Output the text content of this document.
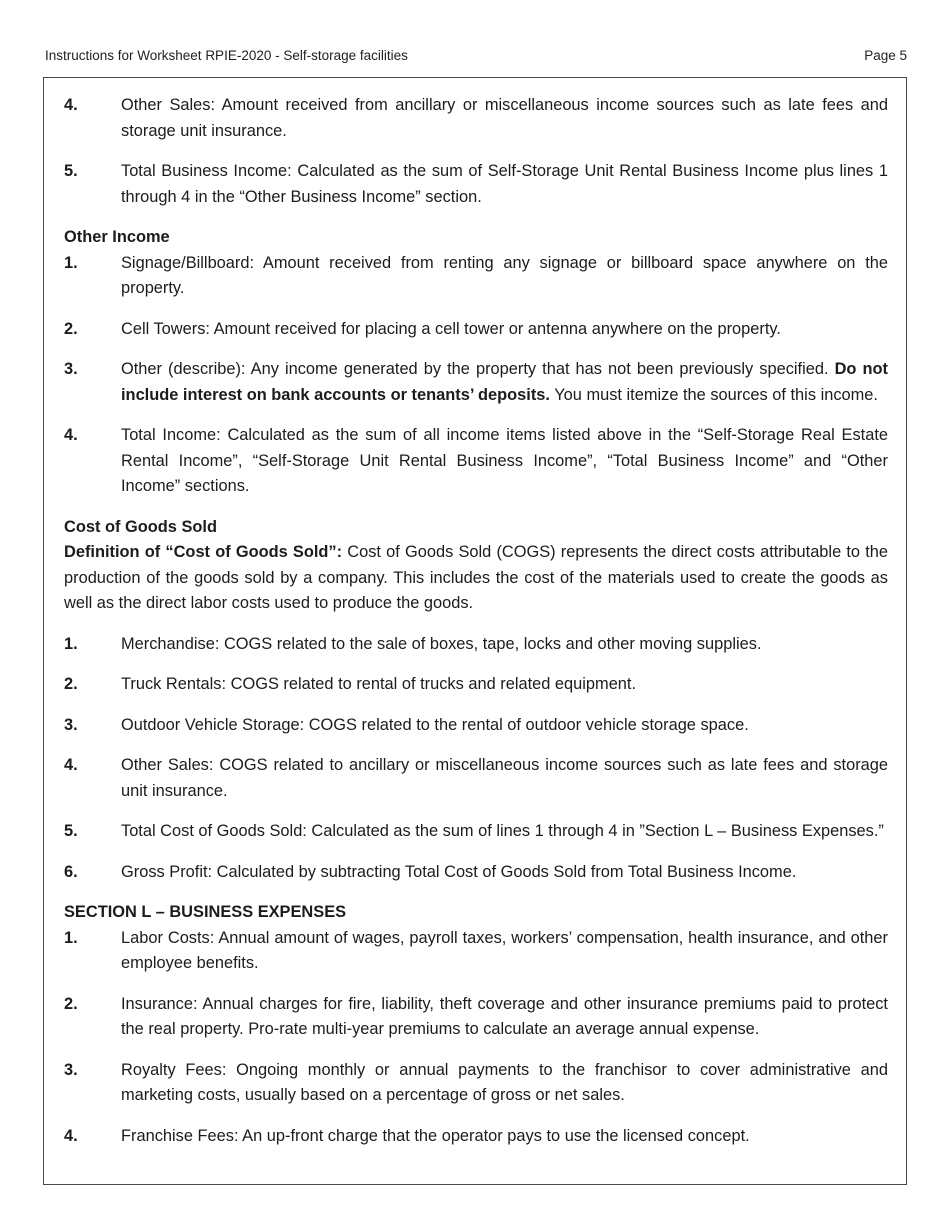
Instructions for Worksheet RPIE-2020 - Self-storage facilities	Page 5
4.	Other Sales: Amount received from ancillary or miscellaneous income sources such as late fees and storage unit insurance.
5.	Total Business Income: Calculated as the sum of Self-Storage Unit Rental Business Income plus lines 1 through 4 in the “Other Business Income” section.
Other Income
1.	Signage/Billboard: Amount received from renting any signage or billboard space anywhere on the property.
2.	Cell Towers: Amount received for placing a cell tower or antenna anywhere on the property.
3.	Other (describe): Any income generated by the property that has not been previously specified. Do not include interest on bank accounts or tenants’ deposits. You must itemize the sources of this income.
4.	Total Income: Calculated as the sum of all income items listed above in the “Self-Storage Real Estate Rental Income”, “Self-Storage Unit Rental Business Income”, “Total Business Income” and “Other Income” sections.
Cost of Goods Sold
Definition of “Cost of Goods Sold”: Cost of Goods Sold (COGS) represents the direct costs attributable to the production of the goods sold by a company. This includes the cost of the materials used to create the goods as well as the direct labor costs used to produce the goods.
1.	Merchandise: COGS related to the sale of boxes, tape, locks and other moving supplies.
2.	Truck Rentals: COGS related to rental of trucks and related equipment.
3.	Outdoor Vehicle Storage: COGS related to the rental of outdoor vehicle storage space.
4.	Other Sales: COGS related to ancillary or miscellaneous income sources such as late fees and storage unit insurance.
5.	Total Cost of Goods Sold: Calculated as the sum of lines 1 through 4 in ”Section L – Business Expenses.”
6.	Gross Profit: Calculated by subtracting Total Cost of Goods Sold from Total Business Income.
SECTION L – BUSINESS EXPENSES
1.	Labor Costs: Annual amount of wages, payroll taxes, workers’ compensation, health insurance, and other employee benefits.
2.	Insurance: Annual charges for fire, liability, theft coverage and other insurance premiums paid to protect the real property. Pro-rate multi-year premiums to calculate an average annual expense.
3.	Royalty Fees: Ongoing monthly or annual payments to the franchisor to cover administrative and marketing costs, usually based on a percentage of gross or net sales.
4.	Franchise Fees: An up-front charge that the operator pays to use the licensed concept.
